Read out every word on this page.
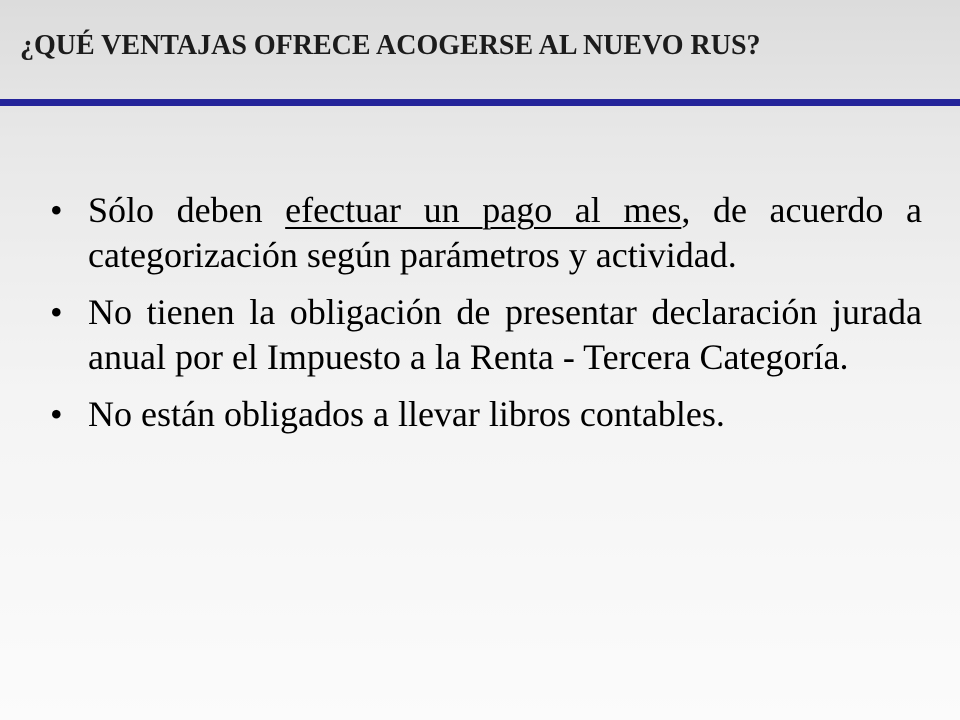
¿QUÉ VENTAJAS OFRECE ACOGERSE AL NUEVO RUS?
• Sólo deben efectuar un pago al mes, de acuerdo a categorización según parámetros y actividad.
• No tienen la obligación de presentar declaración jurada anual por el Impuesto a la Renta - Tercera Categoría.
• No están obligados a llevar libros contables.
